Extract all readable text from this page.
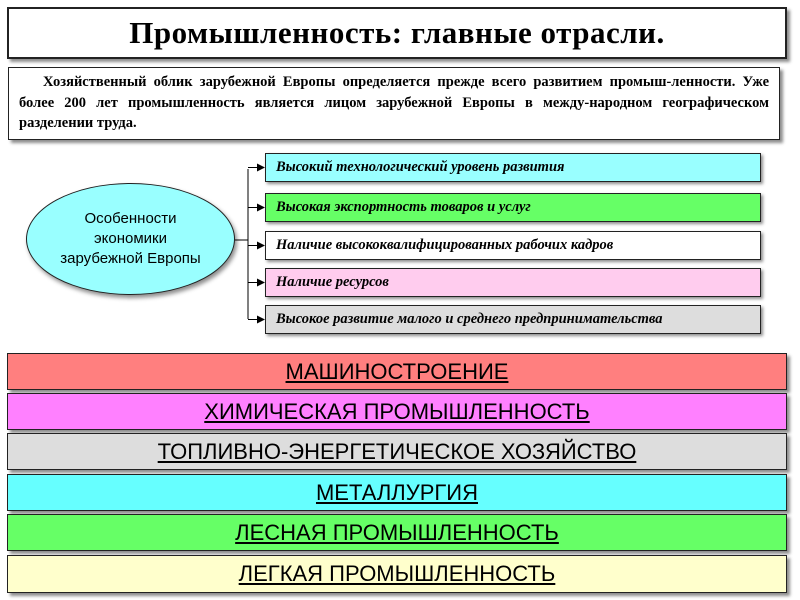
Промышленность: главные отрасли.

Хозяйственный облик зарубежной Европы определяется прежде всего развитием промыш-ленности. Уже более 200 лет промышленность является лицом зарубежной Европы в между-народном географическом разделении труда.

Особенности
экономики
зарубежной Европы
Высокий технологический уровень развития
Высокая экспортность товаров и услуг
Наличие высококвалифицированных рабочих кадров
Наличие ресурсов
Высокое развитие малого и среднего предпринимательства
МАШИНОСТРОЕНИЕ
ХИМИЧЕСКАЯ ПРОМЫШЛЕННОСТЬ
ТОПЛИВНО-ЭНЕРГЕТИЧЕСКОЕ ХОЗЯЙСТВО
МЕТАЛЛУРГИЯ
ЛЕСНАЯ ПРОМЫШЛЕННОСТЬ
ЛЕГКАЯ ПРОМЫШЛЕННОСТЬ
